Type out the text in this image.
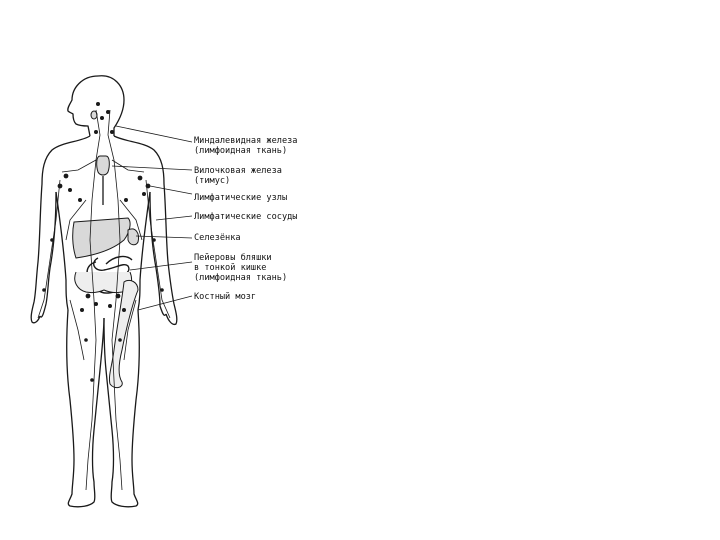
Миндалевидная железа
(лимфоидная ткань)
Вилочковая железа
(тимус)
Лимфатические узлы
Лимфатические сосуды
Селезёнка
Пейеровы бляшки
в тонкой кишке
(лимфоидная ткань)
Костный мозг
